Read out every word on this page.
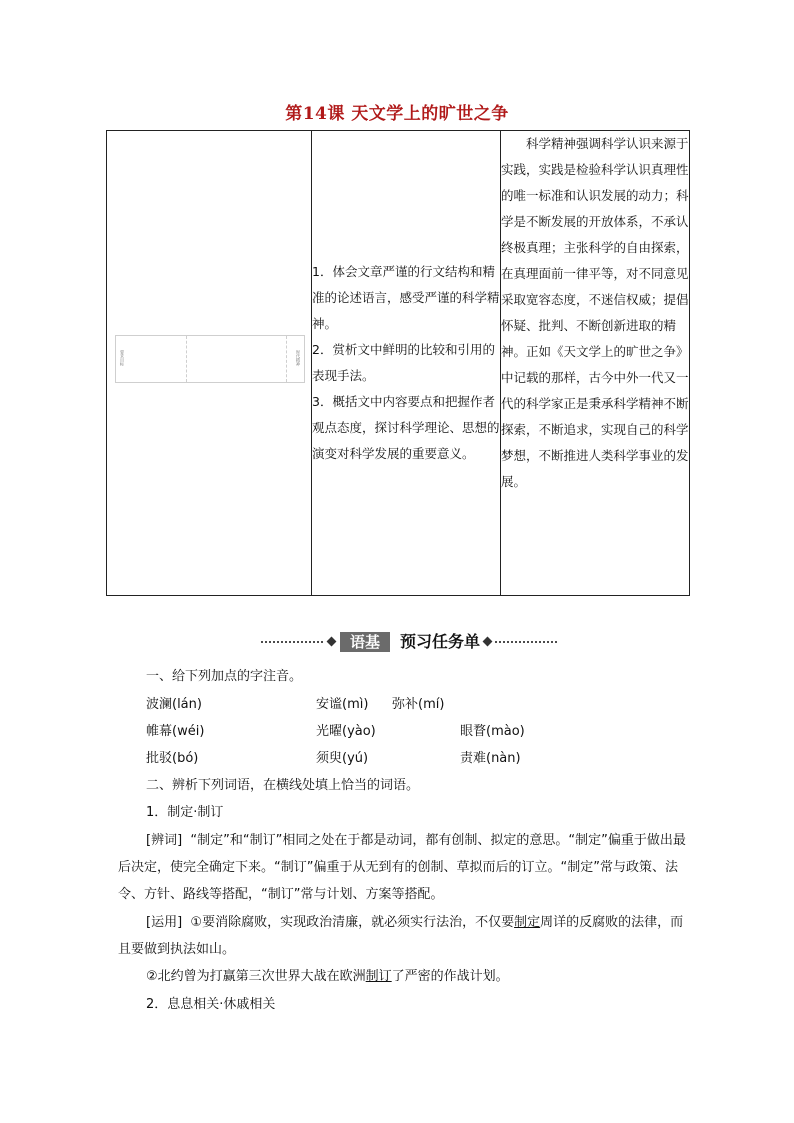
第14课 天文学上的旷世之争
要求目标	时代精神

1．体会文章严谨的行文结构和精准的论述语言，感受严谨的科学精神。

2．赏析文中鲜明的比较和引用的表现手法。

3．概括文中内容要点和把握作者观点态度，探讨科学理论、思想的演变对科学发展的重要意义。

科学精神强调科学认识来源于实践，实践是检验科学认识真理性的唯一标准和认识发展的动力；科学是不断发展的开放体系，不承认终极真理；主张科学的自由探索，在真理面前一律平等，对不同意见采取宽容态度，不迷信权威；提倡怀疑、批判、不断创新进取的精神。正如《天文学上的旷世之争》中记载的那样，古今中外一代又一代的科学家正是秉承科学精神不断探索，不断追求，实现自己的科学梦想，不断推进人类科学事业的发展。

语基	预习任务单
一、给下列加点的字注音。
波澜(lán)	安谧(mì) 弥补(mí)
帷幕(wéi)	光曜(yào)	眼瞀(mào)
批驳(bó)	须臾(yú)	责难(nàn)
二、辨析下列词语，在横线处填上恰当的词语。
1．制定·制订
[辨词] “制定”和“制订”相同之处在于都是动词，都有创制、拟定的意思。“制定”偏重于做出最后决定，使完全确定下来。“制订”偏重于从无到有的创制、草拟而后的订立。“制定”常与政策、法令、方针、路线等搭配，“制订”常与计划、方案等搭配。
[运用] ①要消除腐败，实现政治清廉，就必须实行法治，不仅要制定周详的反腐败的法律，而且要做到执法如山。
②北约曾为打赢第三次世界大战在欧洲制订了严密的作战计划。
2．息息相关·休戚相关
